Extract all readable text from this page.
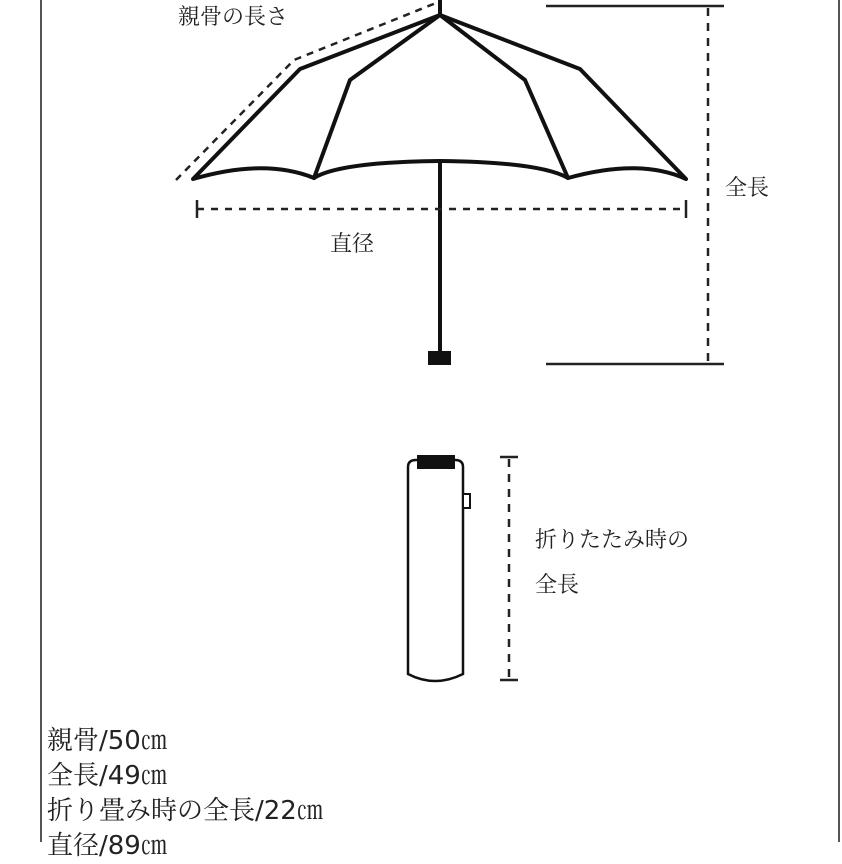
親骨の長さ
直径
全長
折りたたみ時の
全長
親骨/50㎝
全長/49㎝
折り畳み時の全長/22㎝
直径/89㎝
